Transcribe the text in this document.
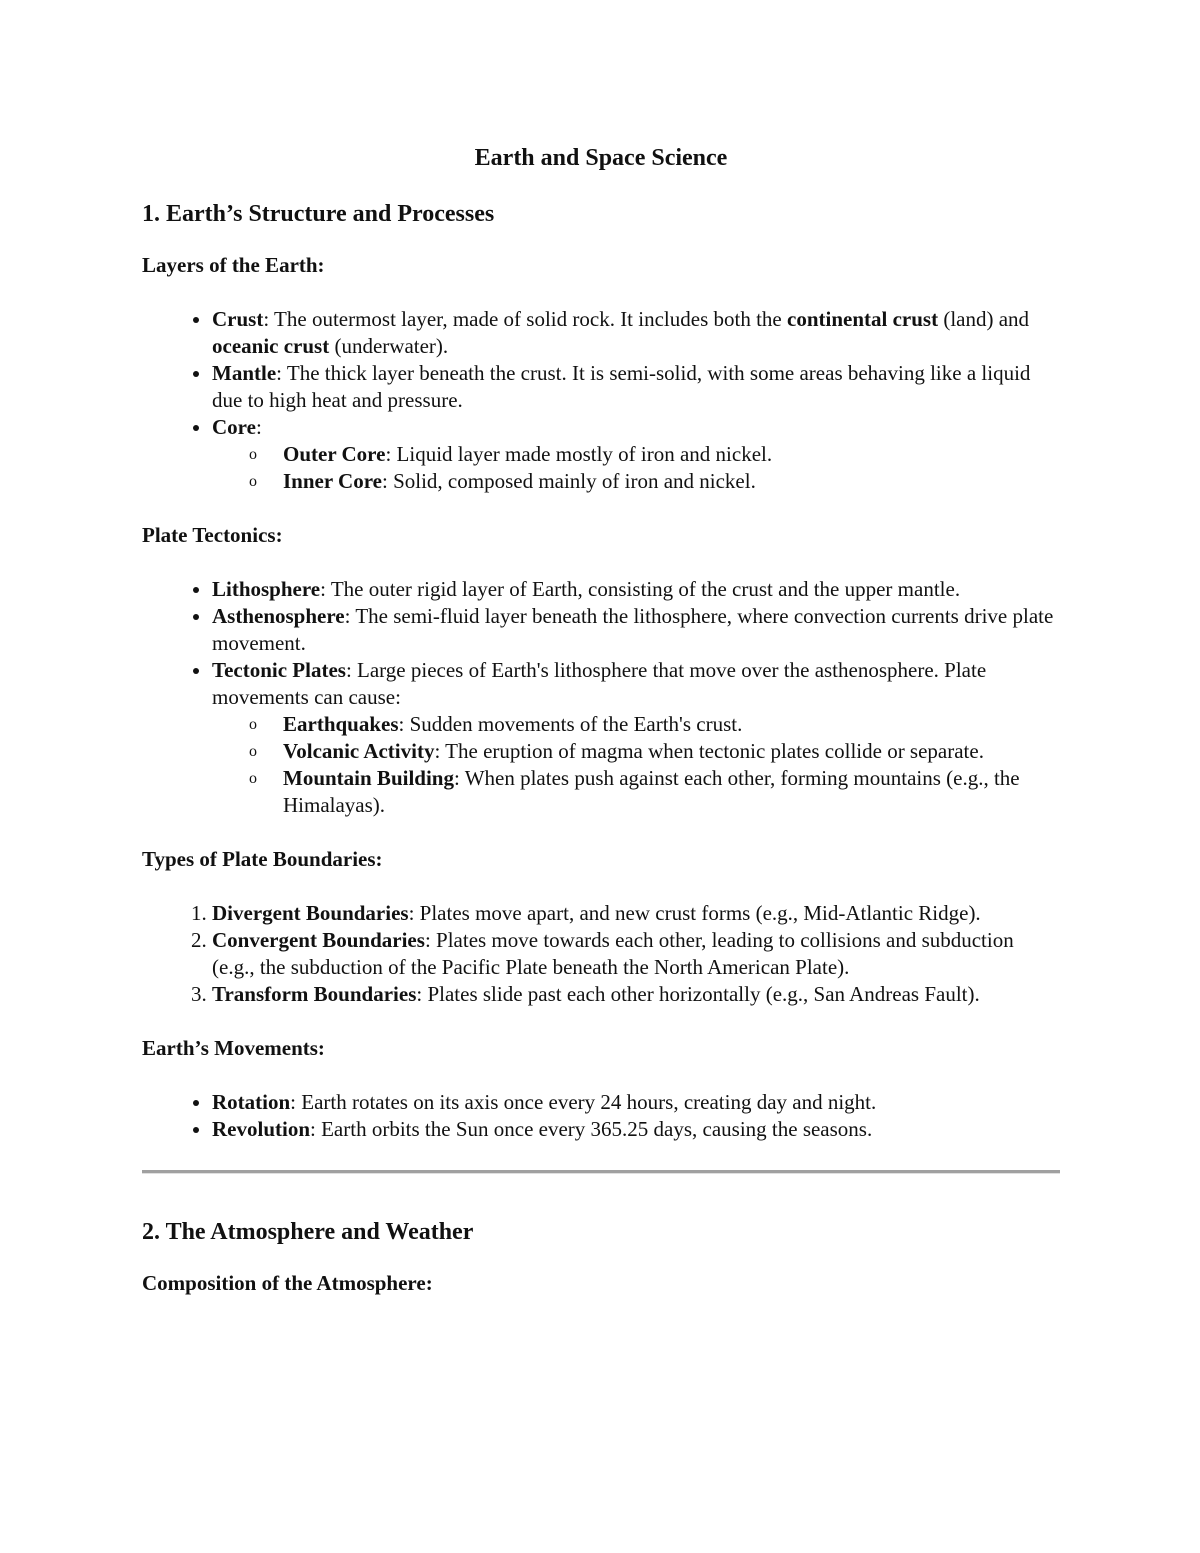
Earth and Space Science
1. Earth’s Structure and Processes
Layers of the Earth:
• Crust: The outermost layer, made of solid rock. It includes both the continental crust (land) and oceanic crust (underwater).
• Mantle: The thick layer beneath the crust. It is semi-solid, with some areas behaving like a liquid due to high heat and pressure.
• Core:
o Outer Core: Liquid layer made mostly of iron and nickel.
o Inner Core: Solid, composed mainly of iron and nickel.
Plate Tectonics:
• Lithosphere: The outer rigid layer of Earth, consisting of the crust and the upper mantle.
• Asthenosphere: The semi-fluid layer beneath the lithosphere, where convection currents drive plate movement.
• Tectonic Plates: Large pieces of Earth's lithosphere that move over the asthenosphere. Plate movements can cause:
o Earthquakes: Sudden movements of the Earth's crust.
o Volcanic Activity: The eruption of magma when tectonic plates collide or separate.
o Mountain Building: When plates push against each other, forming mountains (e.g., the Himalayas).
Types of Plate Boundaries:
1. Divergent Boundaries: Plates move apart, and new crust forms (e.g., Mid-Atlantic Ridge).
2. Convergent Boundaries: Plates move towards each other, leading to collisions and subduction (e.g., the subduction of the Pacific Plate beneath the North American Plate).
3. Transform Boundaries: Plates slide past each other horizontally (e.g., San Andreas Fault).
Earth’s Movements:
• Rotation: Earth rotates on its axis once every 24 hours, creating day and night.
• Revolution: Earth orbits the Sun once every 365.25 days, causing the seasons.
2. The Atmosphere and Weather
Composition of the Atmosphere:
